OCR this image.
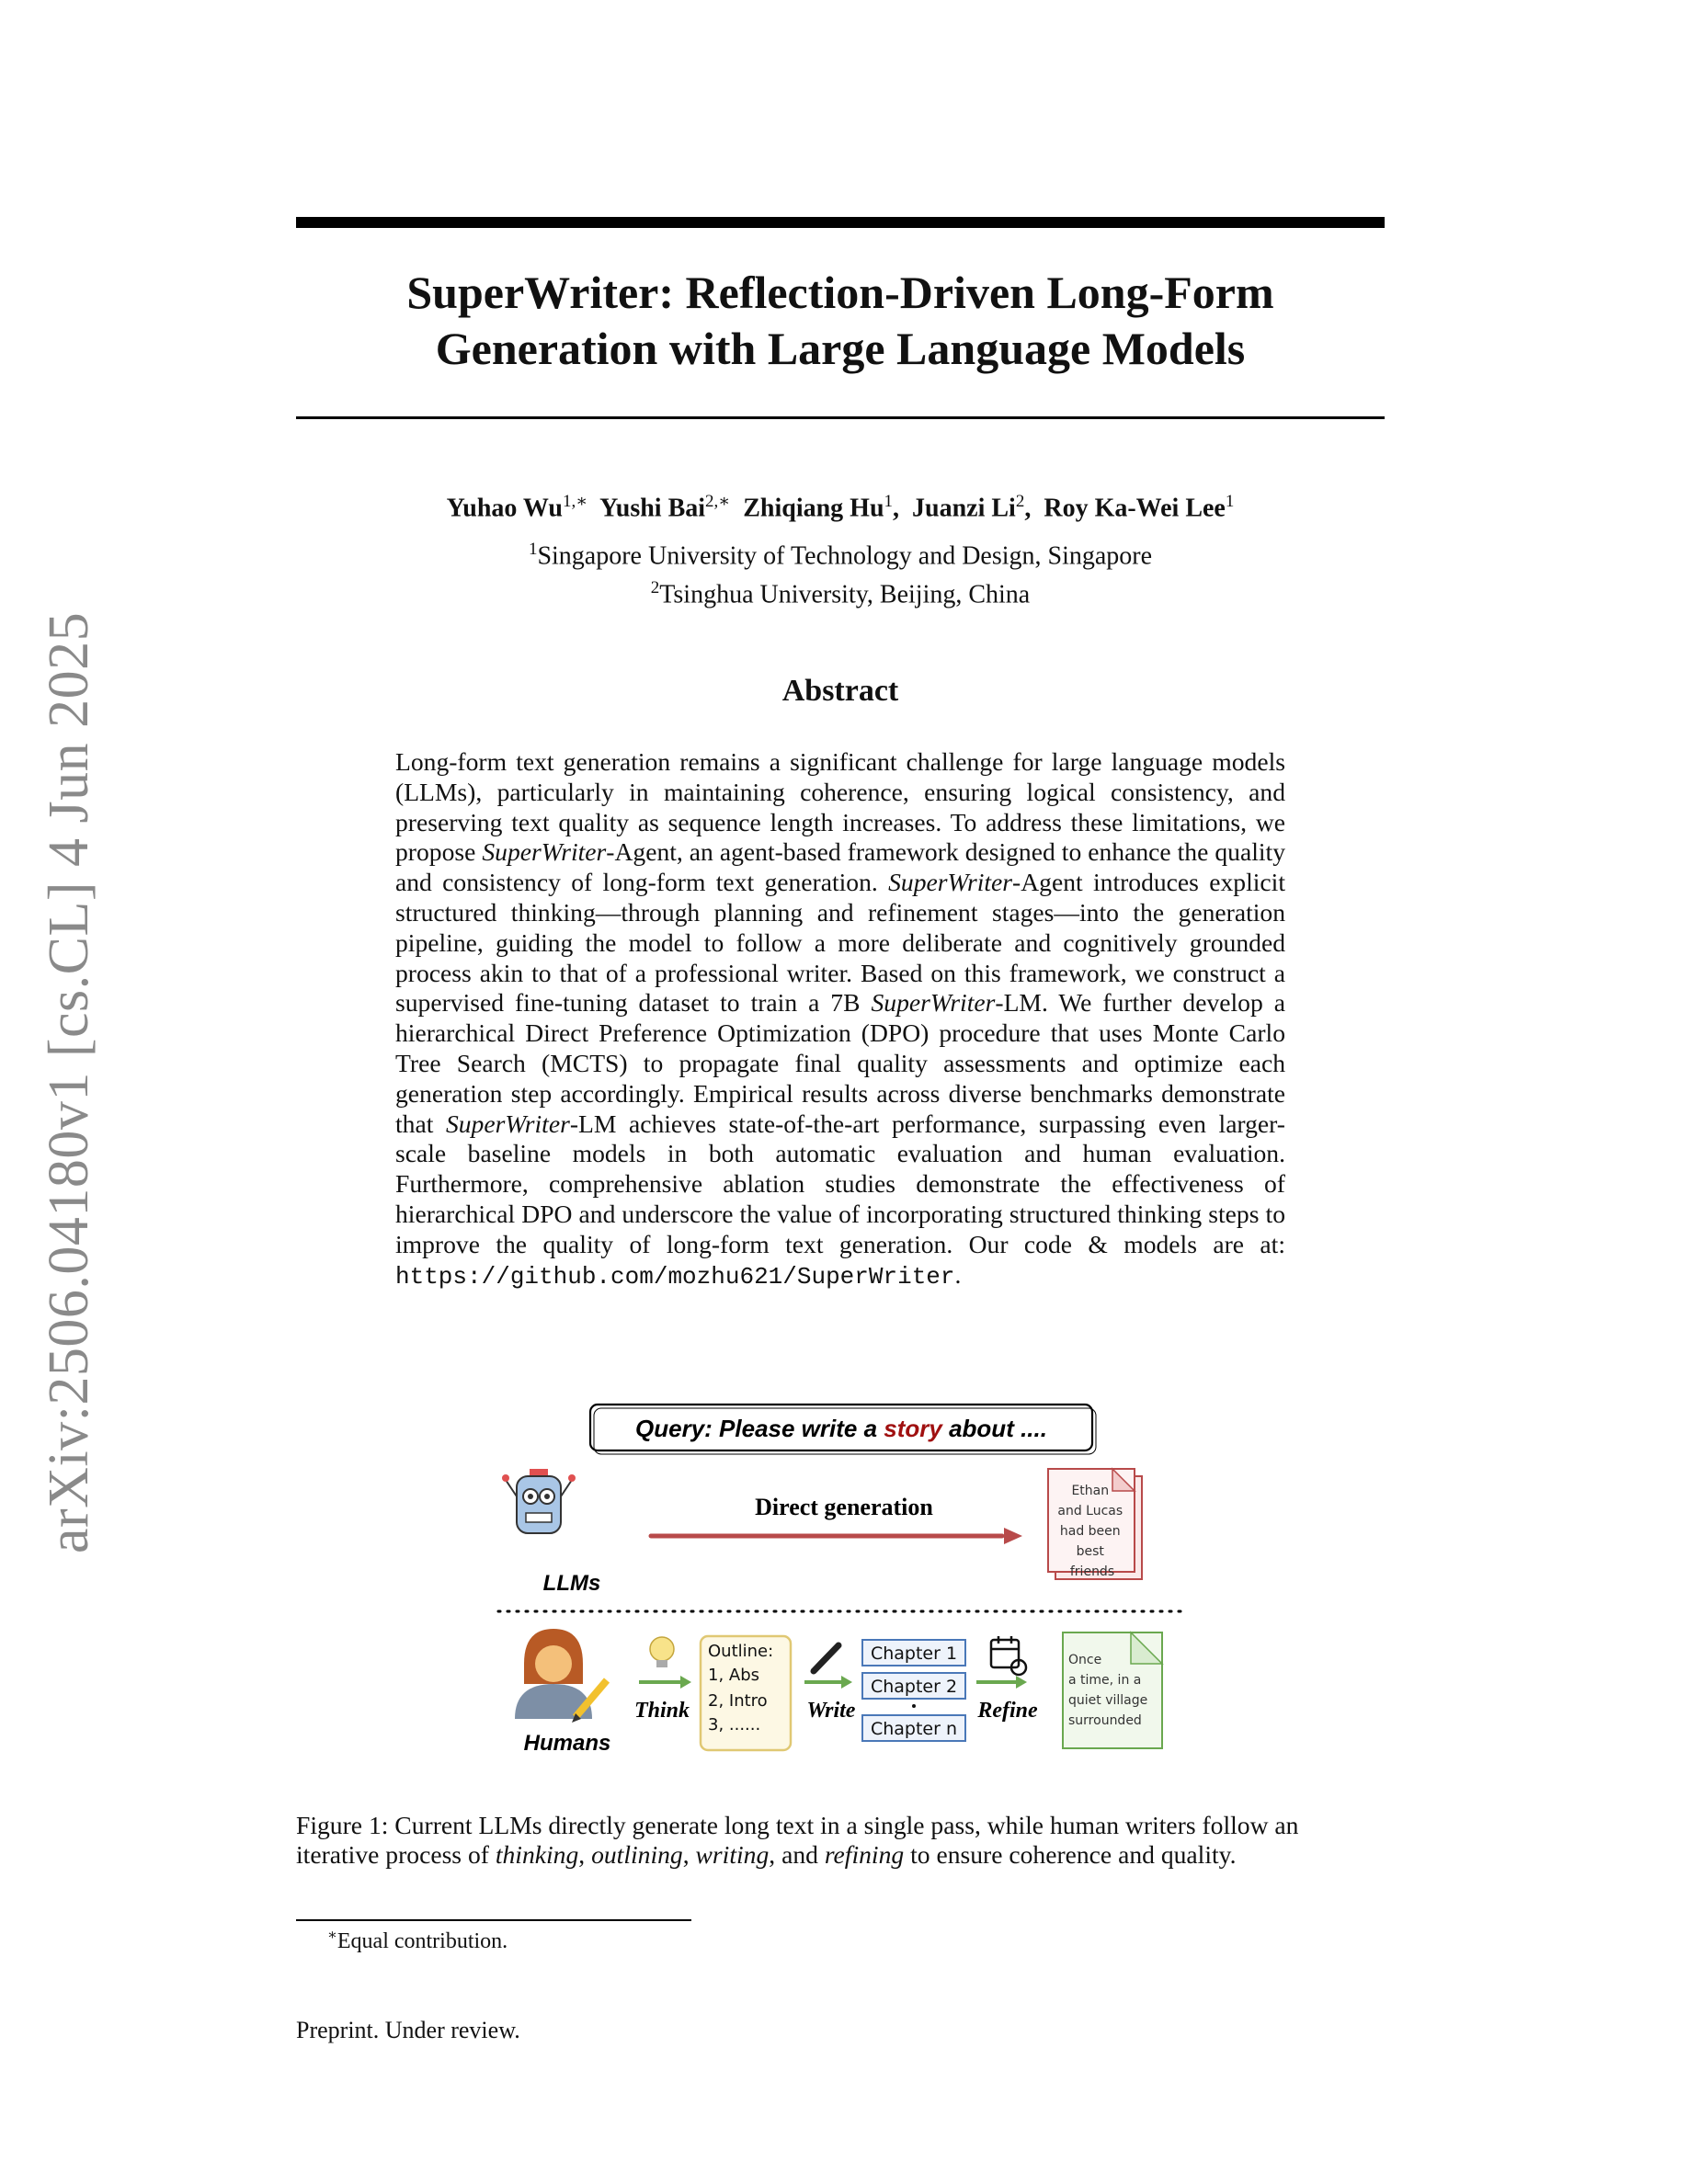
arXiv:2506.04180v1 [cs.CL] 4 Jun 2025
SuperWriter: Reflection-Driven Long-Form
Generation with Large Language Models
Yuhao $Wu^{1,∗}$ Yushi Bai$^{2,∗}$ Zhiqiang Hu$^1$,  Juanzi Li$^2$,  Roy Ka-Wei Lee$^1$
$^1$Singapore University of Technology and Design, Singapore
$^2$Tsinghua University, Beijing, China
Abstract
Long-form text generation remains a significant challenge for large language models (LLMs), particularly in maintaining coherence, ensuring logical consistency, and preserving text quality as sequence length increases. To address these limitations, we propose SuperWriter-Agent, an agent-based framework designed to enhance the quality and consistency of long-form text generation. SuperWriter-Agent introduces explicit structured thinking—through planning and refinement stages—into the generation pipeline, guiding the model to follow a more deliberate and cognitively grounded process akin to that of a professional writer. Based on this framework, we construct a supervised fine-tuning dataset to train a 7B SuperWriter-LM. We further develop a hierarchical Direct Preference Optimization (DPO) procedure that uses Monte Carlo Tree Search (MCTS) to propagate final quality assessments and optimize each generation step accordingly. Empirical results across diverse benchmarks demonstrate that SuperWriter-LM achieves state-of-the-art performance, surpassing even larger-scale baseline models in both automatic evaluation and human evaluation. Furthermore, comprehensive ablation studies demonstrate the effectiveness of hierarchical DPO and underscore the value of incorporating structured thinking steps to improve the quality of long-form text generation. Our code & models are at: https://github.com/mozhu621/SuperWriter.
Query: Please write a story about ....
LLMs
Direct generation
Ethan and Lucas had been best friends
Humans
Think
Outline: 1, Abs 2, Intro 3, ......
Write
Chapter 1
Chapter 2
Chapter n
Refine
Once a time, in a quiet village surrounded
Figure 1: Current LLMs directly generate long text in a single pass, while human writers follow an iterative process of thinking, outlining, writing, and refining to ensure coherence and quality.
∗Equal contribution.
Preprint. Under review.
